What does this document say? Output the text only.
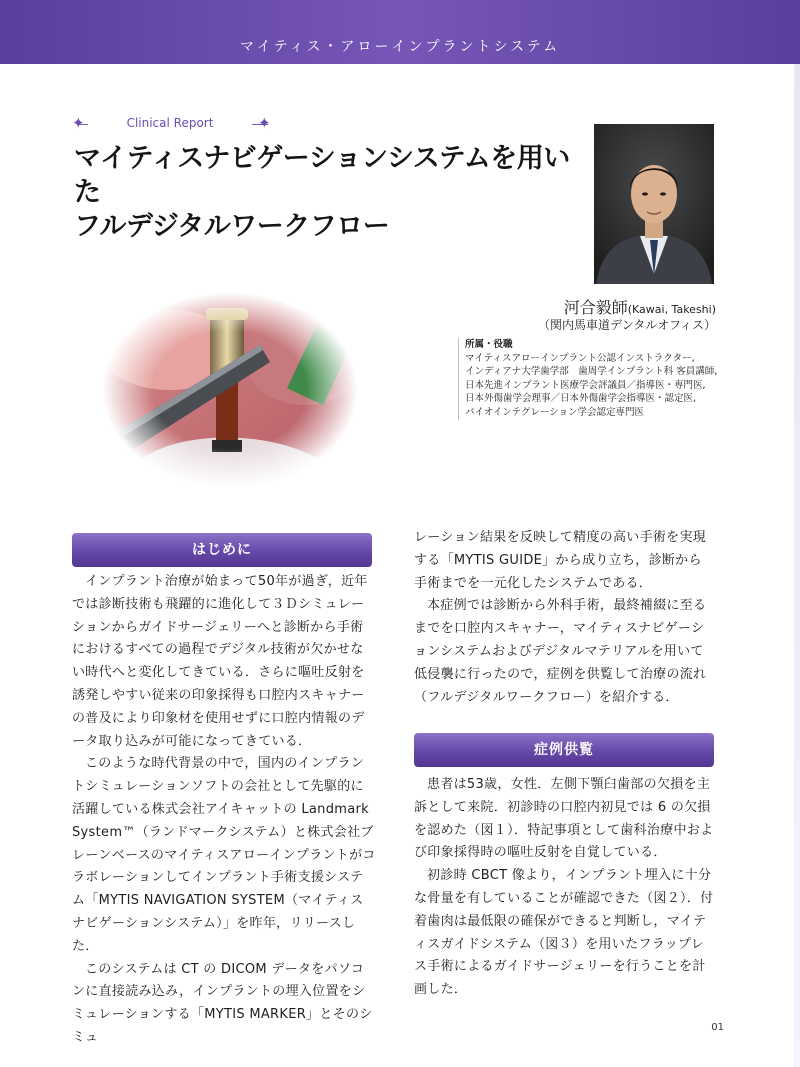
マイティス・アローインプラントシステム
✦	✦
Clinical Report
マイティスナビゲーションシステムを用いた
フルデジタルワークフロー
河合毅師(Kawai, Takeshi)
（関内馬車道デンタルオフィス）
所属・役職
マイティスアローインプラント公認インストラクター,
インディアナ大学歯学部　歯周学インプラント科 客員講師,
日本先進インプラント医療学会評議員／指導医・専門医,
日本外傷歯学会理事／日本外傷歯学会指導医・認定医,
バイオインテグレーション学会認定専門医
はじめに

インプラント治療が始まって50年が過ぎ，近年では診断技術も飛躍的に進化して３Ｄシミュレーションからガイドサージェリーへと診断から手術におけるすべての過程でデジタル技術が欠かせない時代へと変化してきている．さらに嘔吐反射を誘発しやすい従来の印象採得も口腔内スキャナーの普及により印象材を使用せずに口腔内情報のデータ取り込みが可能になってきている．

このような時代背景の中で，国内のインプラントシミュレーションソフトの会社として先駆的に活躍している株式会社アイキャットの Landmark System™（ランドマークシステム）と株式会社ブレーンベースのマイティスアローインプラントがコラボレーションしてインプラント手術支援システム「MYTIS NAVIGATION SYSTEM（マイティスナビゲーションシステム）」を昨年，リリースした．

このシステムは CT の DICOM データをパソコンに直接読み込み，インプラントの埋入位置をシミュレーションする「MYTIS MARKER」とそのシミュ

レーション結果を反映して精度の高い手術を実現する「MYTIS GUIDE」から成り立ち，診断から手術までを一元化したシステムである．

本症例では診断から外科手術，最終補綴に至るまでを口腔内スキャナー，マイティスナビゲーションシステムおよびデジタルマテリアルを用いて低侵襲に行ったので，症例を供覧して治療の流れ（フルデジタルワークフロー）を紹介する．

症例供覧

患者は53歳，女性．左側下顎臼歯部の欠損を主訴として来院．初診時の口腔内初見では 6 の欠損を認めた（図１）．特記事項として歯科治療中および印象採得時の嘔吐反射を自覚している．

初診時 CBCT 像より，インプラント埋入に十分な骨量を有していることが確認できた（図２）．付着歯肉は最低限の確保ができると判断し，マイティスガイドシステム（図３）を用いたフラップレス手術によるガイドサージェリーを行うことを計画した．

01
